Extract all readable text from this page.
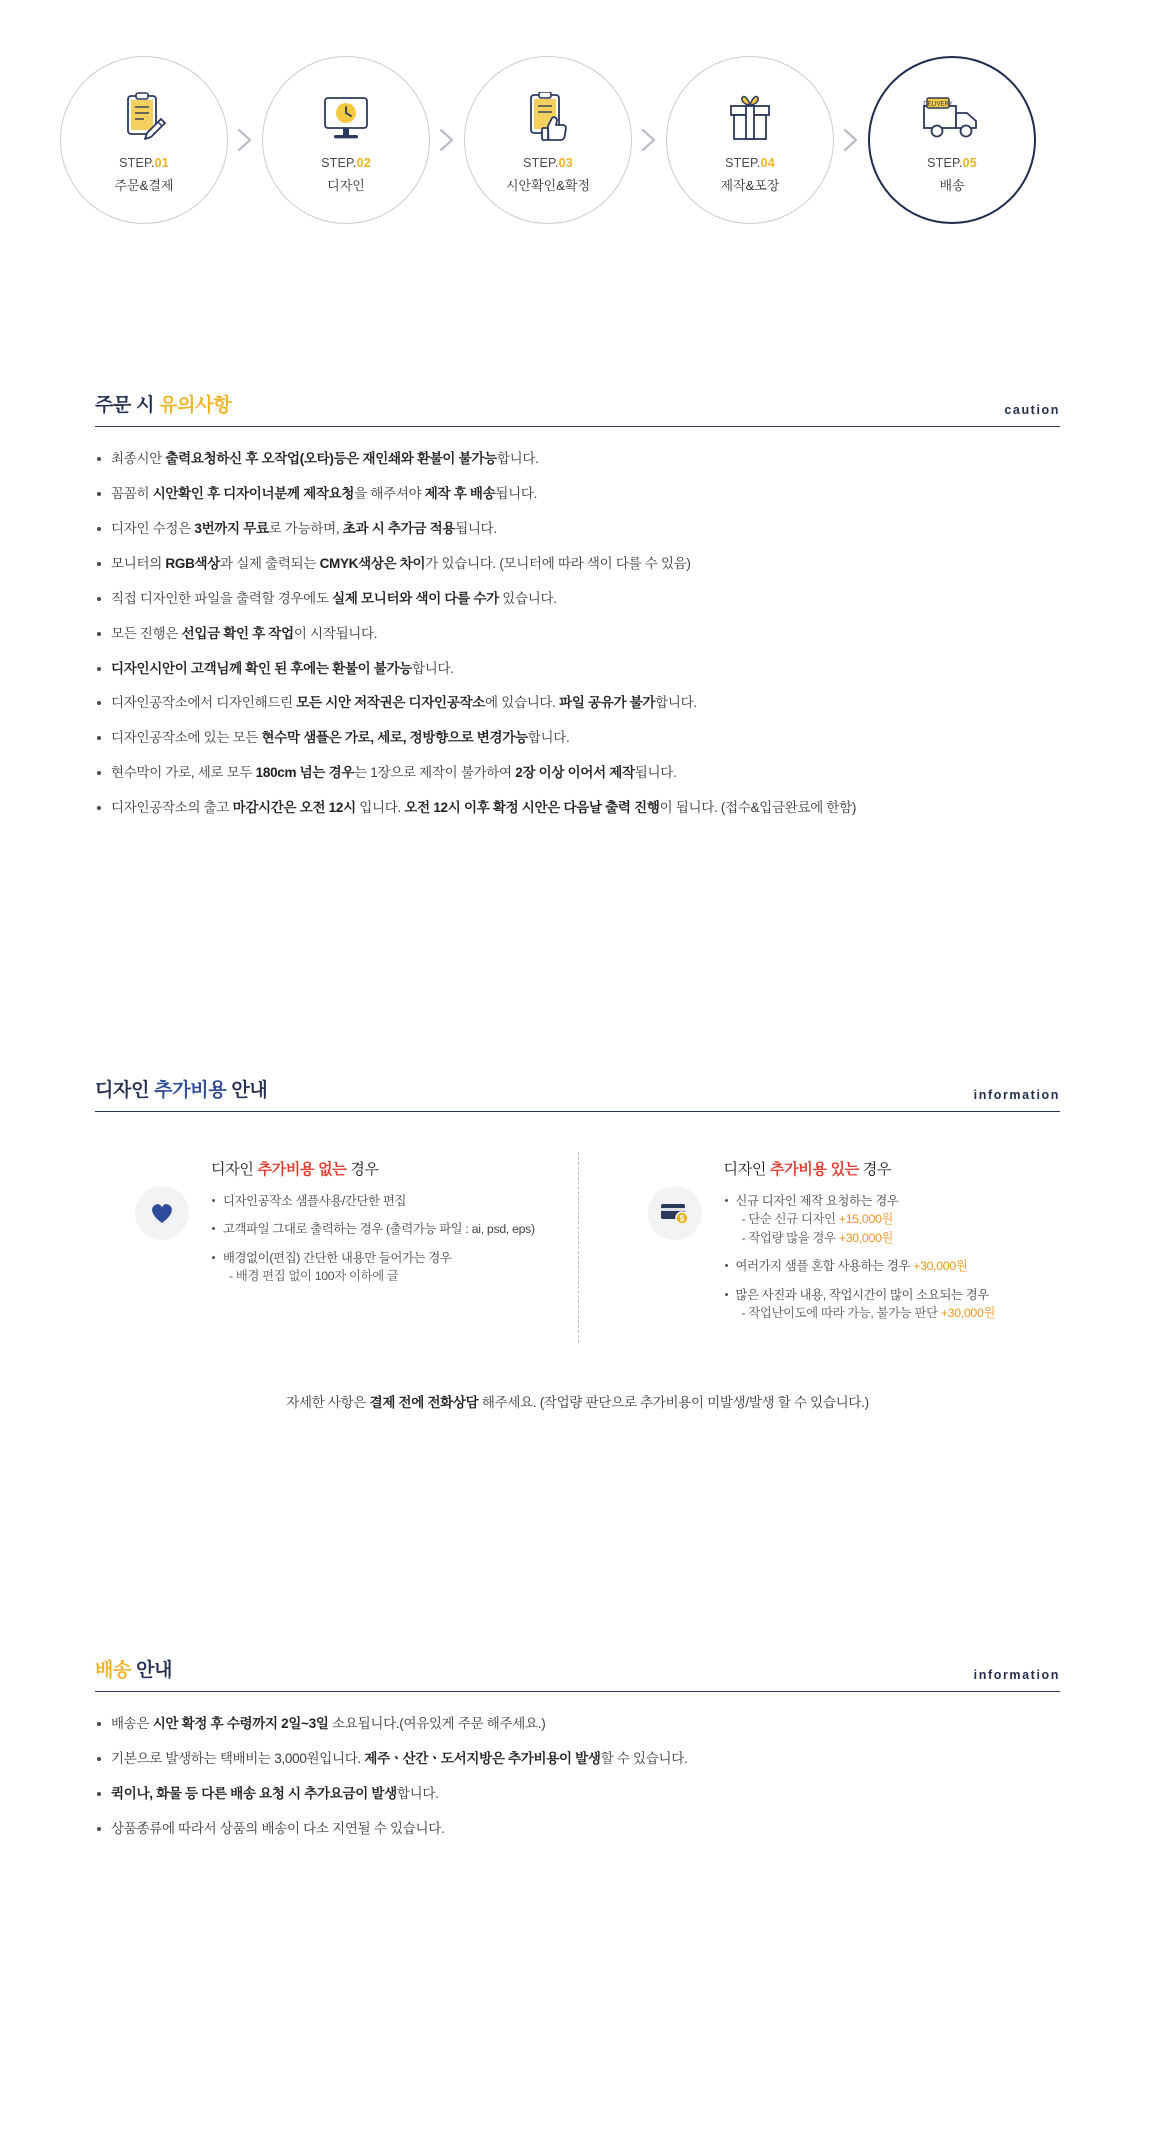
STEP.01
주문&결제
STEP.02
디자인
STEP.03
시안확인&확정
STEP.04
제작&포장
DELIVERY
STEP.05
배송
주문 시 유의사항	caution
최종시안 출력요청하신 후 오작업(오타)등은 재인쇄와 환불이 불가능합니다.
꼼꼼히 시안확인 후 디자이너분께 제작요청을 해주셔야 제작 후 배송됩니다.
디자인 수정은 3번까지 무료로 가능하며, 초과 시 추가금 적용됩니다.
모니터의 RGB색상과 실제 출력되는 CMYK색상은 차이가 있습니다. (모니터에 따라 색이 다를 수 있음)
직접 디자인한 파일을 출력할 경우에도 실제 모니터와 색이 다를 수가 있습니다.
모든 진행은 선입금 확인 후 작업이 시작됩니다.
디자인시안이 고객님께 확인 된 후에는 환불이 불가능합니다.
디자인공작소에서 디자인해드린 모든 시안 저작권은 디자인공작소에 있습니다. 파일 공유가 불가합니다.
디자인공작소에 있는 모든 현수막 샘플은 가로, 세로, 정방향으로 변경가능합니다.
현수막이 가로, 세로 모두 180cm 넘는 경우는 1장으로 제작이 불가하여 2장 이상 이어서 제작됩니다.
디자인공작소의 출고 마감시간은 오전 12시 입니다. 오전 12시 이후 확정 시안은 다음날 출력 진행이 됩니다. (접수&입금완료에 한함)
디자인 추가비용 안내	information
디자인 추가비용 없는 경우
디자인공작소 샘플사용/간단한 편집
고객파일 그대로 출력하는 경우 (출력가능 파일 : ai, psd, eps)
배경없이(편집) 간단한 내용만 들어가는 경우
- 배경 편집 없이 100자 이하에 글
$
디자인 추가비용 있는 경우
신규 디자인 제작 요청하는 경우
- 단순 신규 디자인 +15,000원
- 작업량 많을 경우 +30,000원
여러가지 샘플 혼합 사용하는 경우 +30,000원
많은 사진과 내용, 작업시간이 많이 소요되는 경우
- 작업난이도에 따라 가능, 불가능 판단 +30,000원
자세한 사항은 결제 전에 전화상담 해주세요. (작업량 판단으로 추가비용이 미발생/발생 할 수 있습니다.)
배송 안내	information
배송은 시안 확정 후 수령까지 2일~3일 소요됩니다.(여유있게 주문 해주세요.)
기본으로 발생하는 택배비는 3,000원입니다. 제주ㆍ산간ㆍ도서지방은 추가비용이 발생할 수 있습니다.
퀵이나, 화물 등 다른 배송 요청 시 추가요금이 발생합니다.
상품종류에 따라서 상품의 배송이 다소 지연될 수 있습니다.
